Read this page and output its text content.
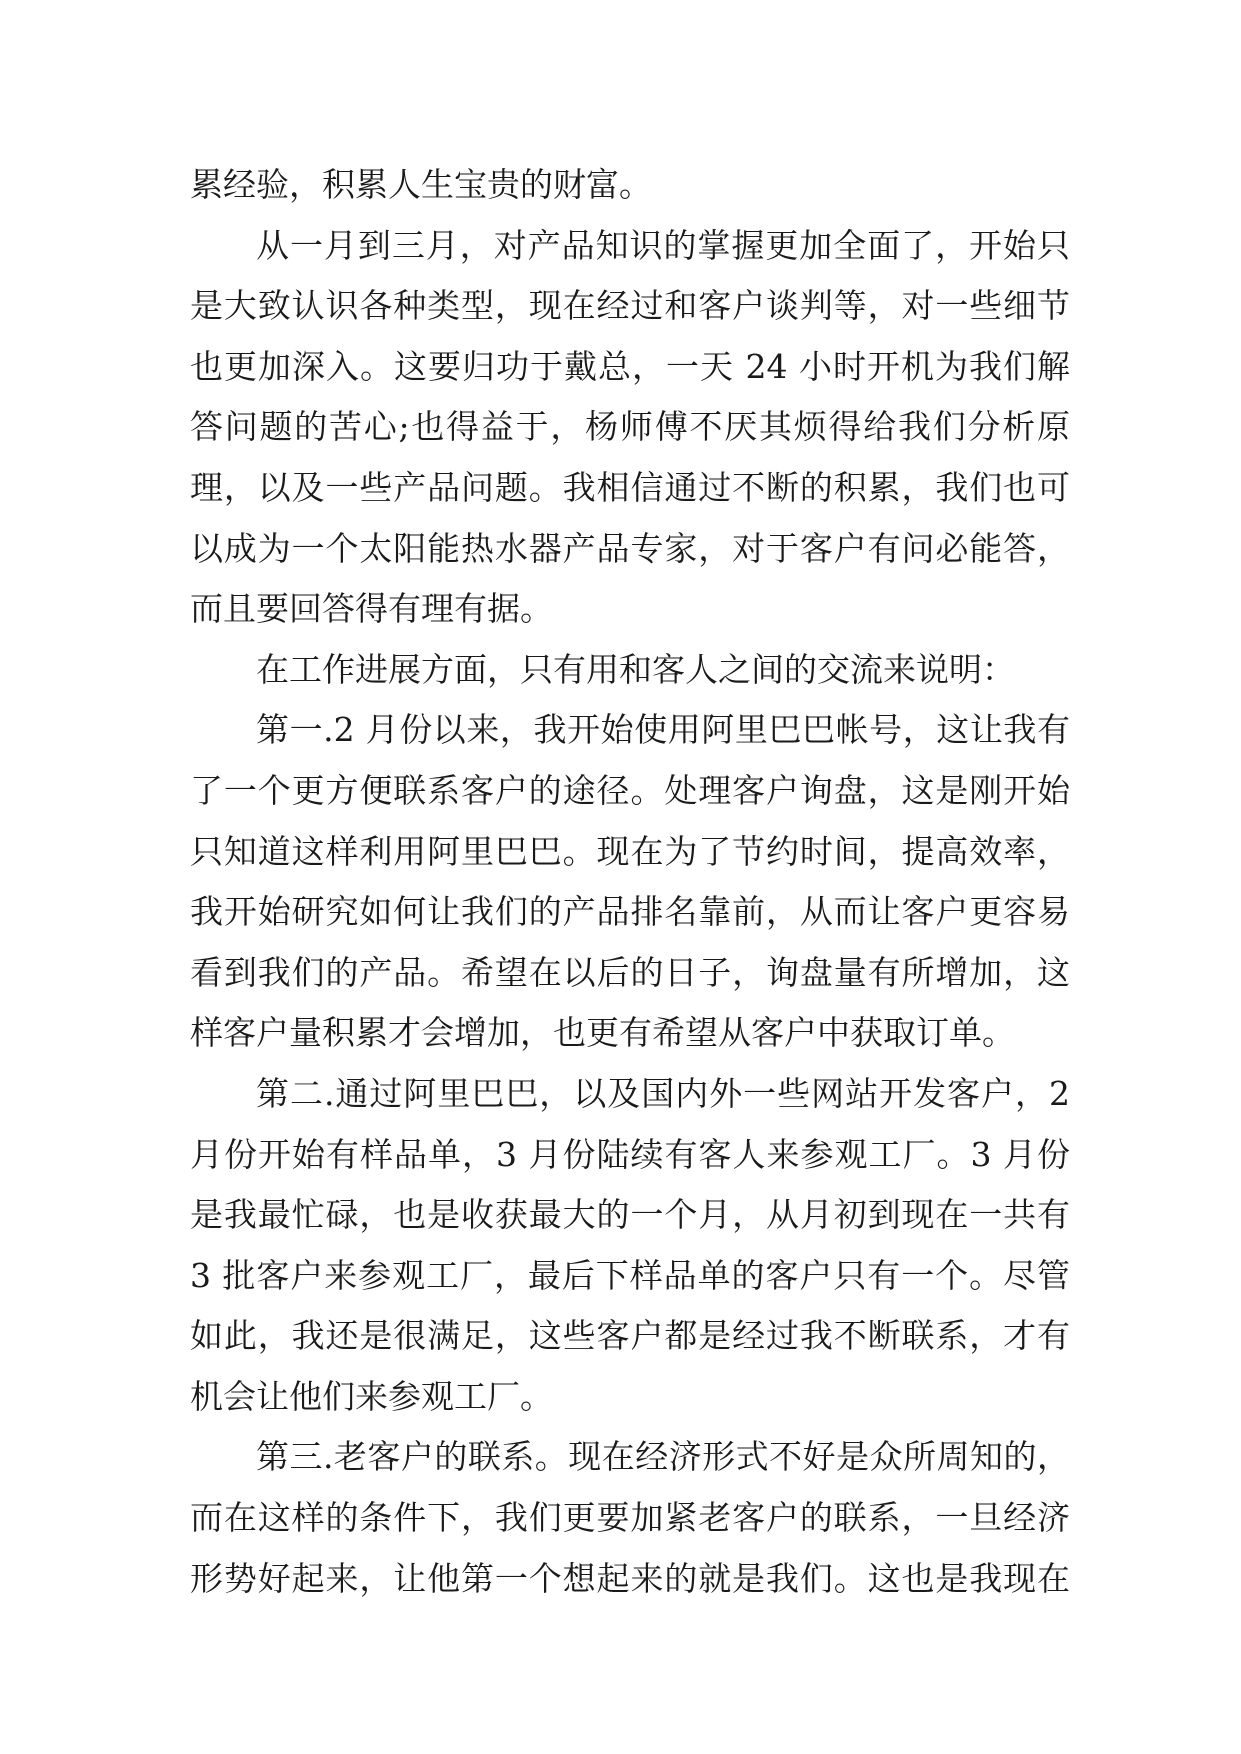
累经验，积累人生宝贵的财富。
从一月到三月，对产品知识的掌握更加全面了，开始只
是大致认识各种类型，现在经过和客户谈判等，对一些细节
也更加深入。这要归功于戴总，一天 24 小时开机为我们解
答问题的苦心;也得益于，杨师傅不厌其烦得给我们分析原
理，以及一些产品问题。我相信通过不断的积累，我们也可
以成为一个太阳能热水器产品专家，对于客户有问必能答，
而且要回答得有理有据。
在工作进展方面，只有用和客人之间的交流来说明：
第一.2 月份以来，我开始使用阿里巴巴帐号，这让我有
了一个更方便联系客户的途径。处理客户询盘，这是刚开始
只知道这样利用阿里巴巴。现在为了节约时间，提高效率，
我开始研究如何让我们的产品排名靠前，从而让客户更容易
看到我们的产品。希望在以后的日子，询盘量有所增加，这
样客户量积累才会增加，也更有希望从客户中获取订单。
第二.通过阿里巴巴，以及国内外一些网站开发客户，2
月份开始有样品单，3 月份陆续有客人来参观工厂。3 月份
是我最忙碌，也是收获最大的一个月，从月初到现在一共有
3 批客户来参观工厂，最后下样品单的客户只有一个。尽管
如此，我还是很满足，这些客户都是经过我不断联系，才有
机会让他们来参观工厂。
第三.老客户的联系。现在经济形式不好是众所周知的，
而在这样的条件下，我们更要加紧老客户的联系，一旦经济
形势好起来，让他第一个想起来的就是我们。这也是我现在
